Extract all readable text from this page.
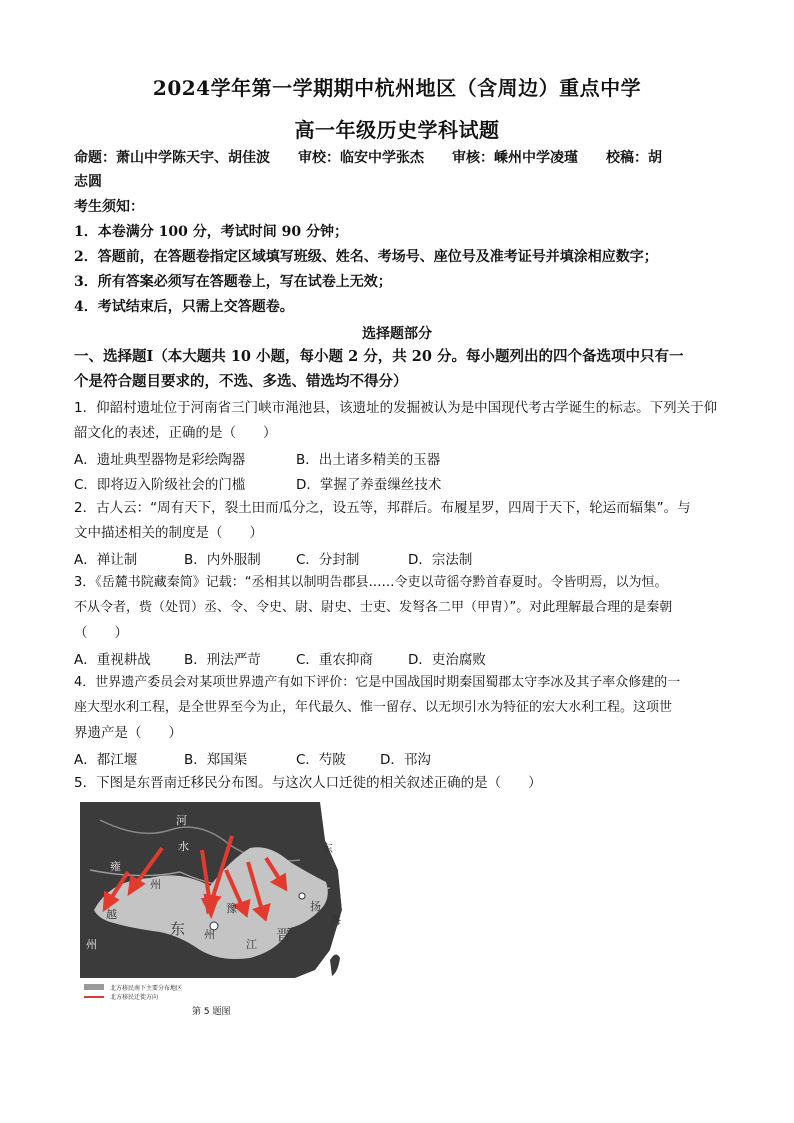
2024学年第一学期期中杭州地区（含周边）重点中学
高一年级历史学科试题
命题：萧山中学陈天宇、胡佳波　　审校：临安中学张杰　　审核：嵊州中学凌瑾　　校稿：胡
志圆
考生须知：
1．本卷满分 100 分，考试时间 90 分钟；
2．答题前，在答题卷指定区域填写班级、姓名、考场号、座位号及准考证号并填涂相应数字；
3．所有答案必须写在答题卷上，写在试卷上无效；
4．考试结束后，只需上交答题卷。
选择题部分
一、选择题Ⅰ（本大题共 10 小题，每小题 2 分，共 20 分。每小题列出的四个备选项中只有一
个是符合题目要求的，不选、多选、错选均不得分）
1．仰韶村遗址位于河南省三门峡市渑池县，该遗址的发掘被认为是中国现代考古学诞生的标志。下列关于仰
韶文化的表述，正确的是（　　）
A．遗址典型器物是彩绘陶器	B．出土诸多精美的玉器
C．即将迈入阶级社会的门槛	D．掌握了养蚕缫丝技术
2．古人云：“周有天下，裂土田而瓜分之，设五等，邦群后。布履星罗，四周于天下，轮运而辐集”。与
文中描述相关的制度是（　　）
A．禅让制	B．内外服制	C．分封制	D．宗法制
3．《岳麓书院藏秦简》记载：“丞相其以制明告郡县……令吏以苛徭夺黔首春夏时。令皆明焉，以为恒。
不从令者，赀（处罚）丞、令、令史、尉、尉史、士吏、发弩各二甲（甲胄）”。对此理解最合理的是秦朝
（　　）
A．重视耕战 B．刑法严苛	C．重农抑商	D．吏治腐败
4．世界遗产委员会对某项世界遗产有如下评价：它是中国战国时期秦国蜀郡太守李冰及其子率众修建的一
座大型水利工程，是全世界至今为止，年代最久、惟一留存、以无坝引水为特征的宏大水利工程。这项世
界遗产是（　　）
A．都江堰	B．郑国渠	C．芍陂	D．邗沟
5．下图是东晋南迁移民分布图。与这次人口迁徙的相关叙述正确的是（　　）
河
水	东
州
东	晋
州
江
越
州
扬
豫
雍
海
北方移民南下主要分布地区
北方移民迁徙方向
第 5 题图
